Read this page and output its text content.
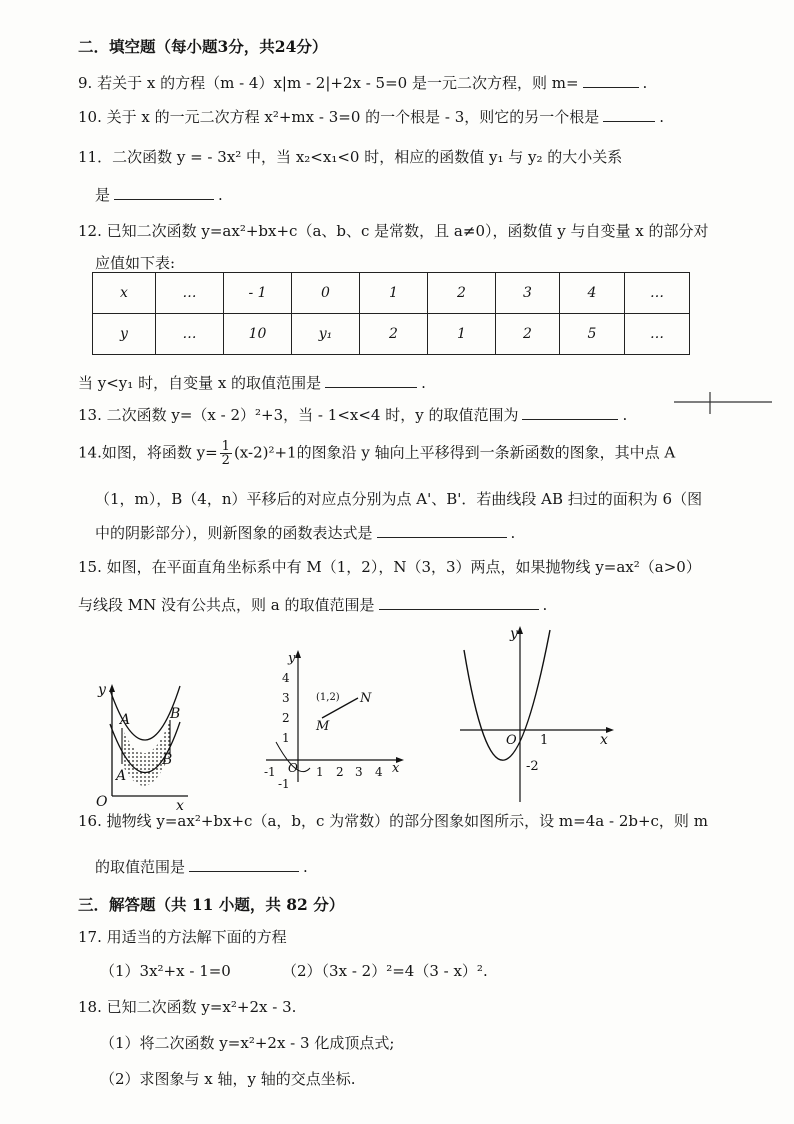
二．填空题（每小题3分，共24分）
9. 若关于 x 的方程（m - 4）x|m - 2|+2x - 5=0 是一元二次方程，则 m=	.
10. 关于 x 的一元二次方程 x²+mx - 3=0 的一个根是 - 3，则它的另一个根是	.
11．二次函数 y = - 3x² 中，当 x₂<x₁<0 时，相应的函数值 y₁ 与 y₂ 的大小关系
是	.
12. 已知二次函数 y=ax²+bx+c（a、b、c 是常数，且 a≠0），函数值 y 与自变量 x 的部分对
应值如下表:
x	…	- 1	0	1	2	3	4	…
y	…	10	y₁	2	1	2	5	…
当 y<y₁ 时，自变量 x 的取值范围是	.
13. 二次函数 y=（x - 2）²+3，当 - 1<x<4 时，y 的取值范围为	.
14.如图，将函数 $y= \frac{1}{2} (x-2)^2+1$的图象沿 y 轴向上平移得到一条新函数的图象，其中点 A
（1，m），B（4，n）平移后的对应点分别为点 A'、B'．若曲线段 AB 扫过的面积为 6（图
中的阴影部分），则新图象的函数表达式是	.
15. 如图，在平面直角坐标系中有 M（1，2），N（3，3）两点，如果抛物线 y=ax²（a>0）
与线段 MN 没有公共点，则 a 的取值范围是	.
y
x
O
A
A
B
B
y
x
O
4
3
2
1
1 2 3 4
-1
-1
M
N
(1,2)
y
x
O 1
-2
16. 抛物线 y=ax²+bx+c（a，b，c 为常数）的部分图象如图所示，设 m=4a - 2b+c，则 m
的取值范围是	.
三．解答题（共 11 小题，共 82 分）
17. 用适当的方法解下面的方程
（1）3x²+x - 1=0	（2）（3x - 2）²=4（3 - x）².
18. 已知二次函数 y=x²+2x - 3.
（1）将二次函数 y=x²+2x - 3 化成顶点式;
（2）求图象与 x 轴，y 轴的交点坐标.
